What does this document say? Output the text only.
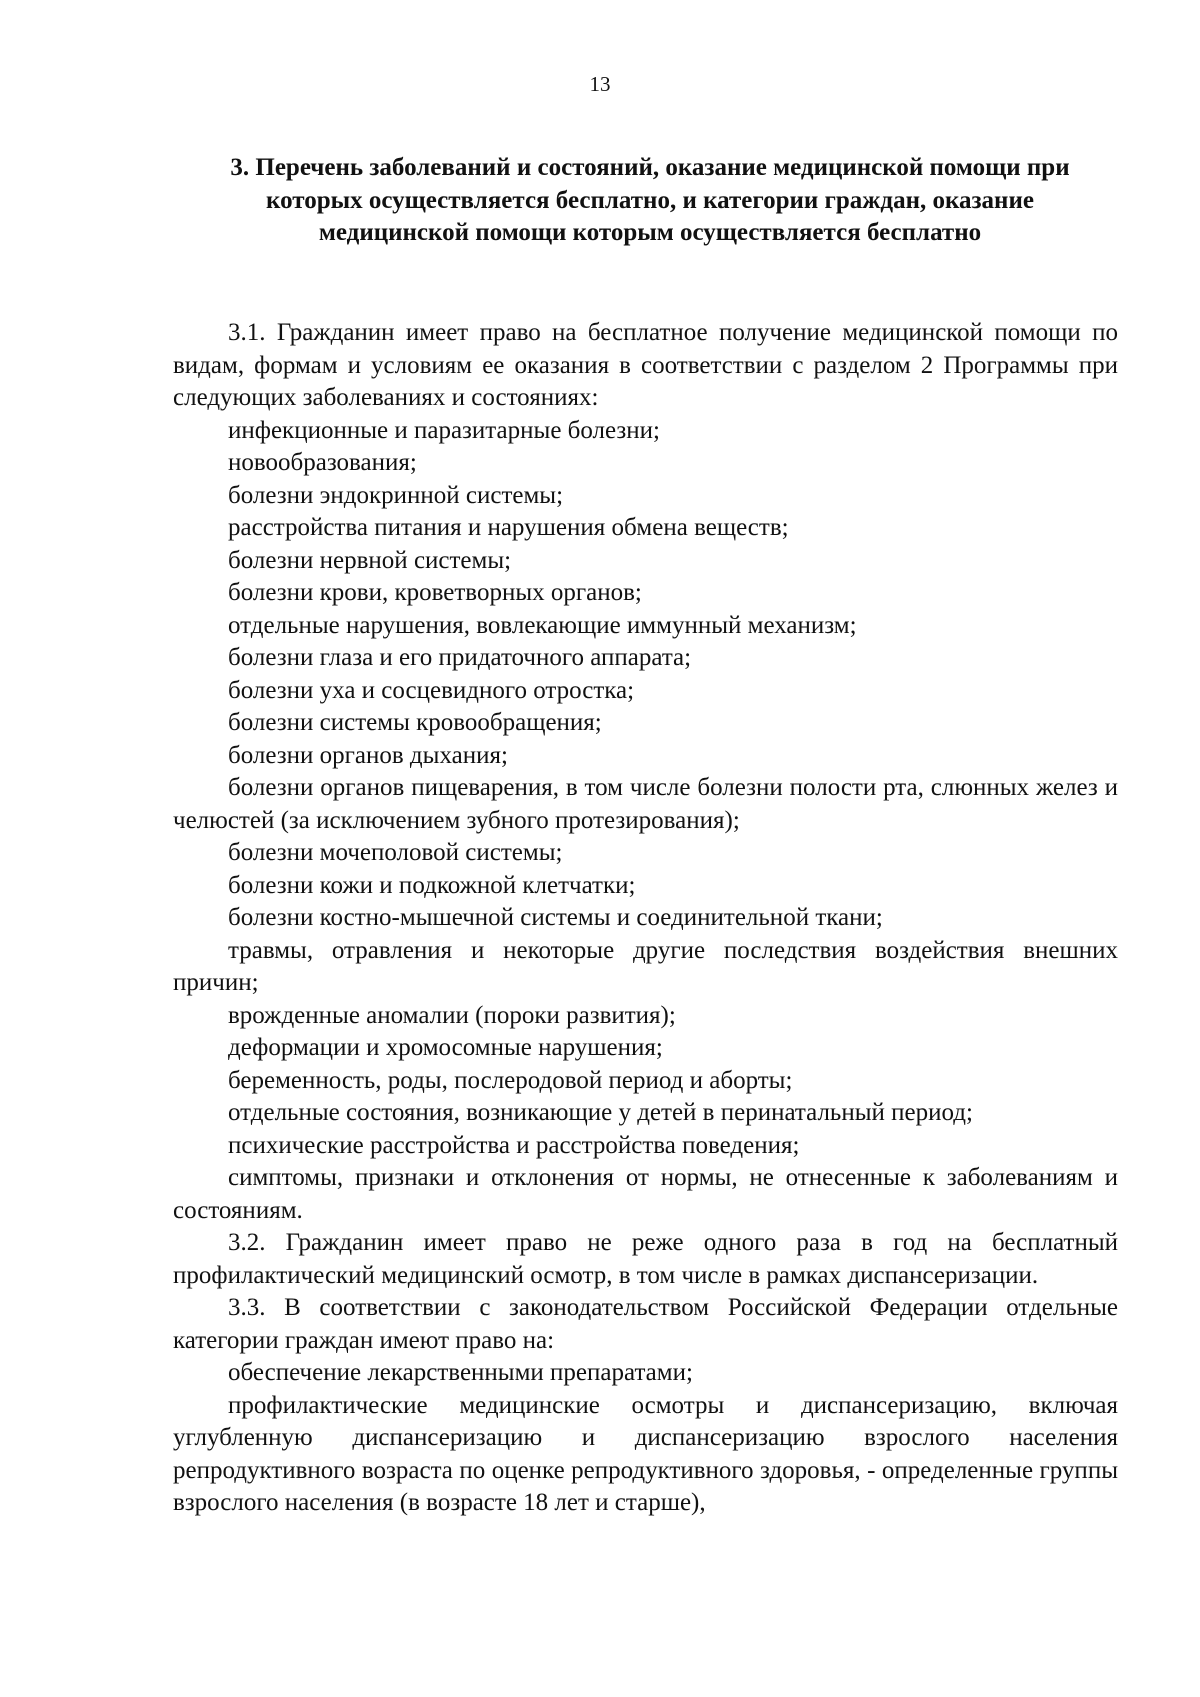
13
3. Перечень заболеваний и состояний, оказание медицинской помощи при которых осуществляется бесплатно, и категории граждан, оказание медицинской помощи которым осуществляется бесплатно

3.1. Гражданин имеет право на бесплатное получение медицинской помощи по видам, формам и условиям ее оказания в соответствии с разделом 2 Программы при следующих заболеваниях и состояниях:

инфекционные и паразитарные болезни;

новообразования;

болезни эндокринной системы;

расстройства питания и нарушения обмена веществ;

болезни нервной системы;

болезни крови, кроветворных органов;

отдельные нарушения, вовлекающие иммунный механизм;

болезни глаза и его придаточного аппарата;

болезни уха и сосцевидного отростка;

болезни системы кровообращения;

болезни органов дыхания;

болезни органов пищеварения, в том числе болезни полости рта, слюнных желез и челюстей (за исключением зубного протезирования);

болезни мочеполовой системы;

болезни кожи и подкожной клетчатки;

болезни костно-мышечной системы и соединительной ткани;

травмы, отравления и некоторые другие последствия воздействия внешних причин;

врожденные аномалии (пороки развития);

деформации и хромосомные нарушения;

беременность, роды, послеродовой период и аборты;

отдельные состояния, возникающие у детей в перинатальный период;

психические расстройства и расстройства поведения;

симптомы, признаки и отклонения от нормы, не отнесенные к заболеваниям и состояниям.

3.2. Гражданин имеет право не реже одного раза в год на бесплатный профилактический медицинский осмотр, в том числе в рамках диспансеризации.

3.3. В соответствии с законодательством Российской Федерации отдельные категории граждан имеют право на:

обеспечение лекарственными препаратами;

профилактические медицинские осмотры и диспансеризацию, включая углубленную диспансеризацию и диспансеризацию взрослого населения репродуктивного возраста по оценке репродуктивного здоровья, - определенные группы взрослого населения (в возрасте 18 лет и старше),
